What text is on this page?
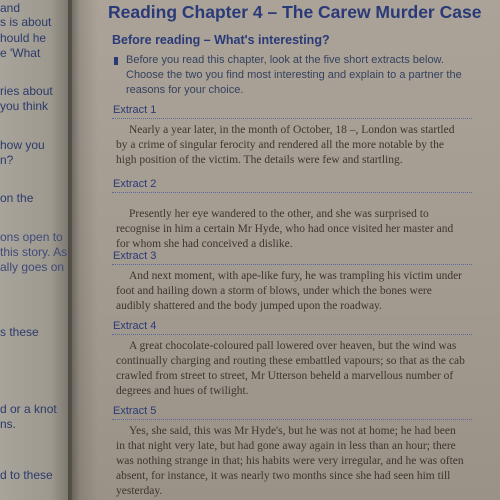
and
s is about
hould he
e 'What
ries about
you think
how you
n?
on the
ons open to
this story. As
ally goes on
s these
d or a knot
ns.
d to these
Reading Chapter 4 – The Carew Murder Case
Before reading – What's interesting?
Before you read this chapter, look at the five short extracts below. Choose the two you find most interesting and explain to a partner the reasons for your choice.
Extract 1
Nearly a year later, in the month of October, 18 –, London was startled by a crime of singular ferocity and rendered all the more notable by the high position of the victim. The details were few and startling.
Extract 2
Presently her eye wandered to the other, and she was surprised to recognise in him a certain Mr Hyde, who had once visited her master and for whom she had conceived a dislike.
Extract 3
And next moment, with ape-like fury, he was trampling his victim under foot and hailing down a storm of blows, under which the bones were audibly shattered and the body jumped upon the roadway.
Extract 4
A great chocolate-coloured pall lowered over heaven, but the wind was continually charging and routing these embattled vapours; so that as the cab crawled from street to street, Mr Utterson beheld a marvellous number of degrees and hues of twilight.
Extract 5
Yes, she said, this was Mr Hyde's, but he was not at home; he had been in that night very late, but had gone away again in less than an hour; there was nothing strange in that; his habits were very irregular, and he was often absent, for instance, it was nearly two months since she had seen him till yesterday.
